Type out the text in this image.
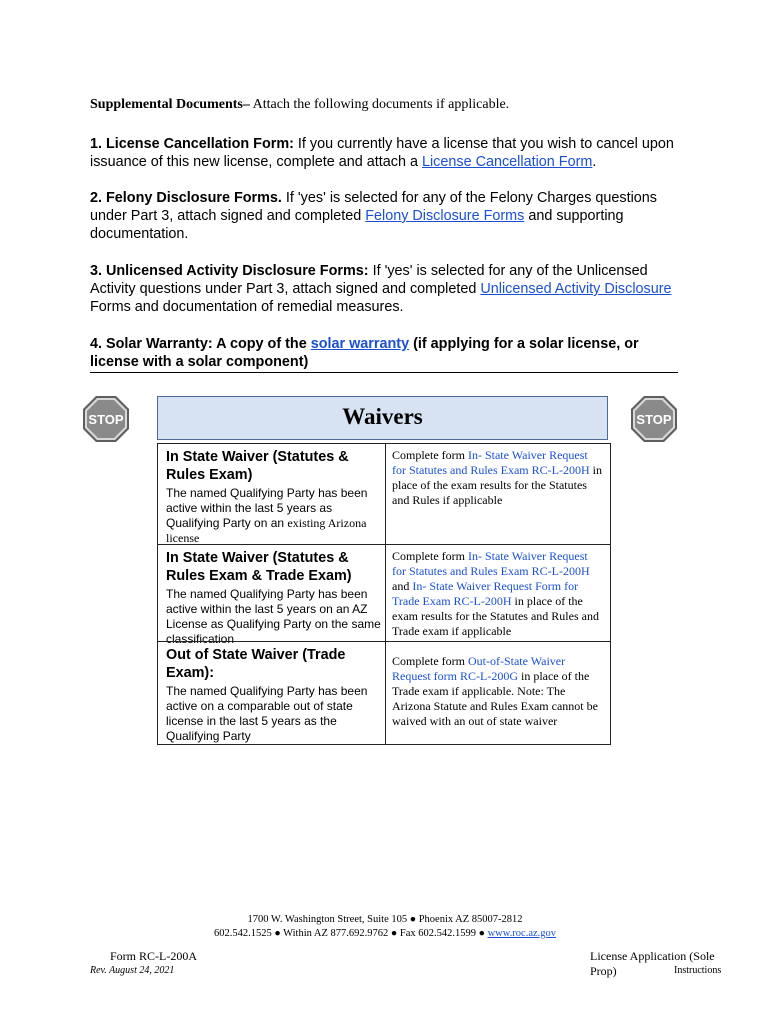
Supplemental Documents– Attach the following documents if applicable.
1. License Cancellation Form: If you currently have a license that you wish to cancel upon issuance of this new license, complete and attach a License Cancellation Form.
2. Felony Disclosure Forms. If 'yes' is selected for any of the Felony Charges questions under Part 3, attach signed and completed Felony Disclosure Forms and supporting documentation.
3. Unlicensed Activity Disclosure Forms: If 'yes' is selected for any of the Unlicensed Activity questions under Part 3, attach signed and completed Unlicensed Activity Disclosure Forms and documentation of remedial measures.
4. Solar Warranty: A copy of the solar warranty (if applying for a solar license, or license with a solar component)
STOP	STOP
Waivers
In State Waiver (Statutes & Rules Exam)
The named Qualifying Party has been active within the last 5 years as Qualifying Party on an existing Arizona license
Complete form In- State Waiver Request for Statutes and Rules Exam RC-L-200H in place of the exam results for the Statutes and Rules if applicable
In State Waiver (Statutes & Rules Exam & Trade Exam)
The named Qualifying Party has been active within the last 5 years on an AZ License as Qualifying Party on the same classification
Complete form In- State Waiver Request for Statutes and Rules Exam RC-L-200H and In- State Waiver Request Form for Trade Exam RC-L-200H in place of the exam results for the Statutes and Rules and Trade exam if applicable
Out of State Waiver (Trade Exam):
The named Qualifying Party has been active on a comparable out of state license in the last 5 years as the Qualifying Party
Complete form Out-of-State Waiver Request form RC-L-200G in place of the Trade exam if applicable. Note: The Arizona Statute and Rules Exam cannot be waived with an out of state waiver
1700 W. Washington Street, Suite 105 ● Phoenix AZ 85007-2812
602.542.1525 ● Within AZ 877.692.9762 ● Fax 602.542.1599 ● www.roc.az.gov
Form RC-L-200A
Rev. August 24, 2021
License Application (Sole Prop)	Instructions
